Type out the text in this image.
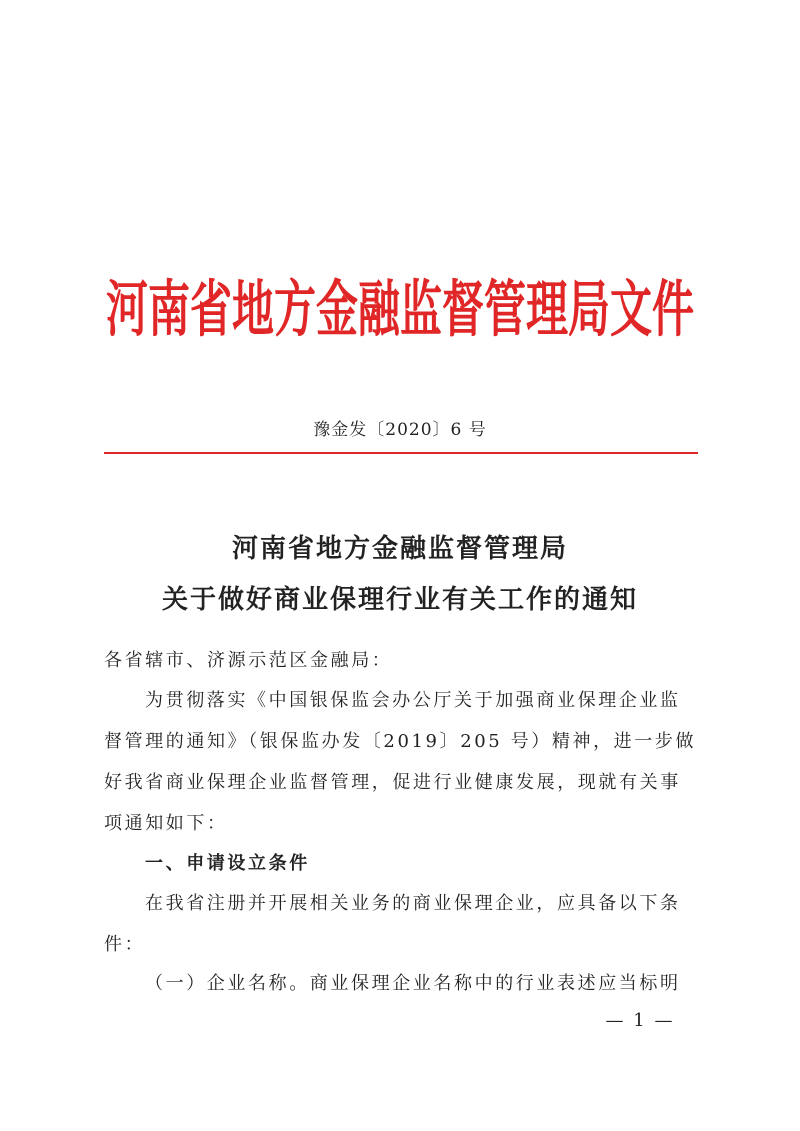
河南省地方金融监督管理局文件
豫金发〔2020〕6 号
河南省地方金融监督管理局
关于做好商业保理行业有关工作的通知
各省辖市、济源示范区金融局：
为贯彻落实《中国银保监会办公厅关于加强商业保理企业监
督管理的通知》（银保监办发〔2019〕205 号）精神，进一步做
好我省商业保理企业监督管理，促进行业健康发展，现就有关事
项通知如下：
一、申请设立条件
在我省注册并开展相关业务的商业保理企业，应具备以下条
件：
（一）企业名称。商业保理企业名称中的行业表述应当标明
— 1 —
